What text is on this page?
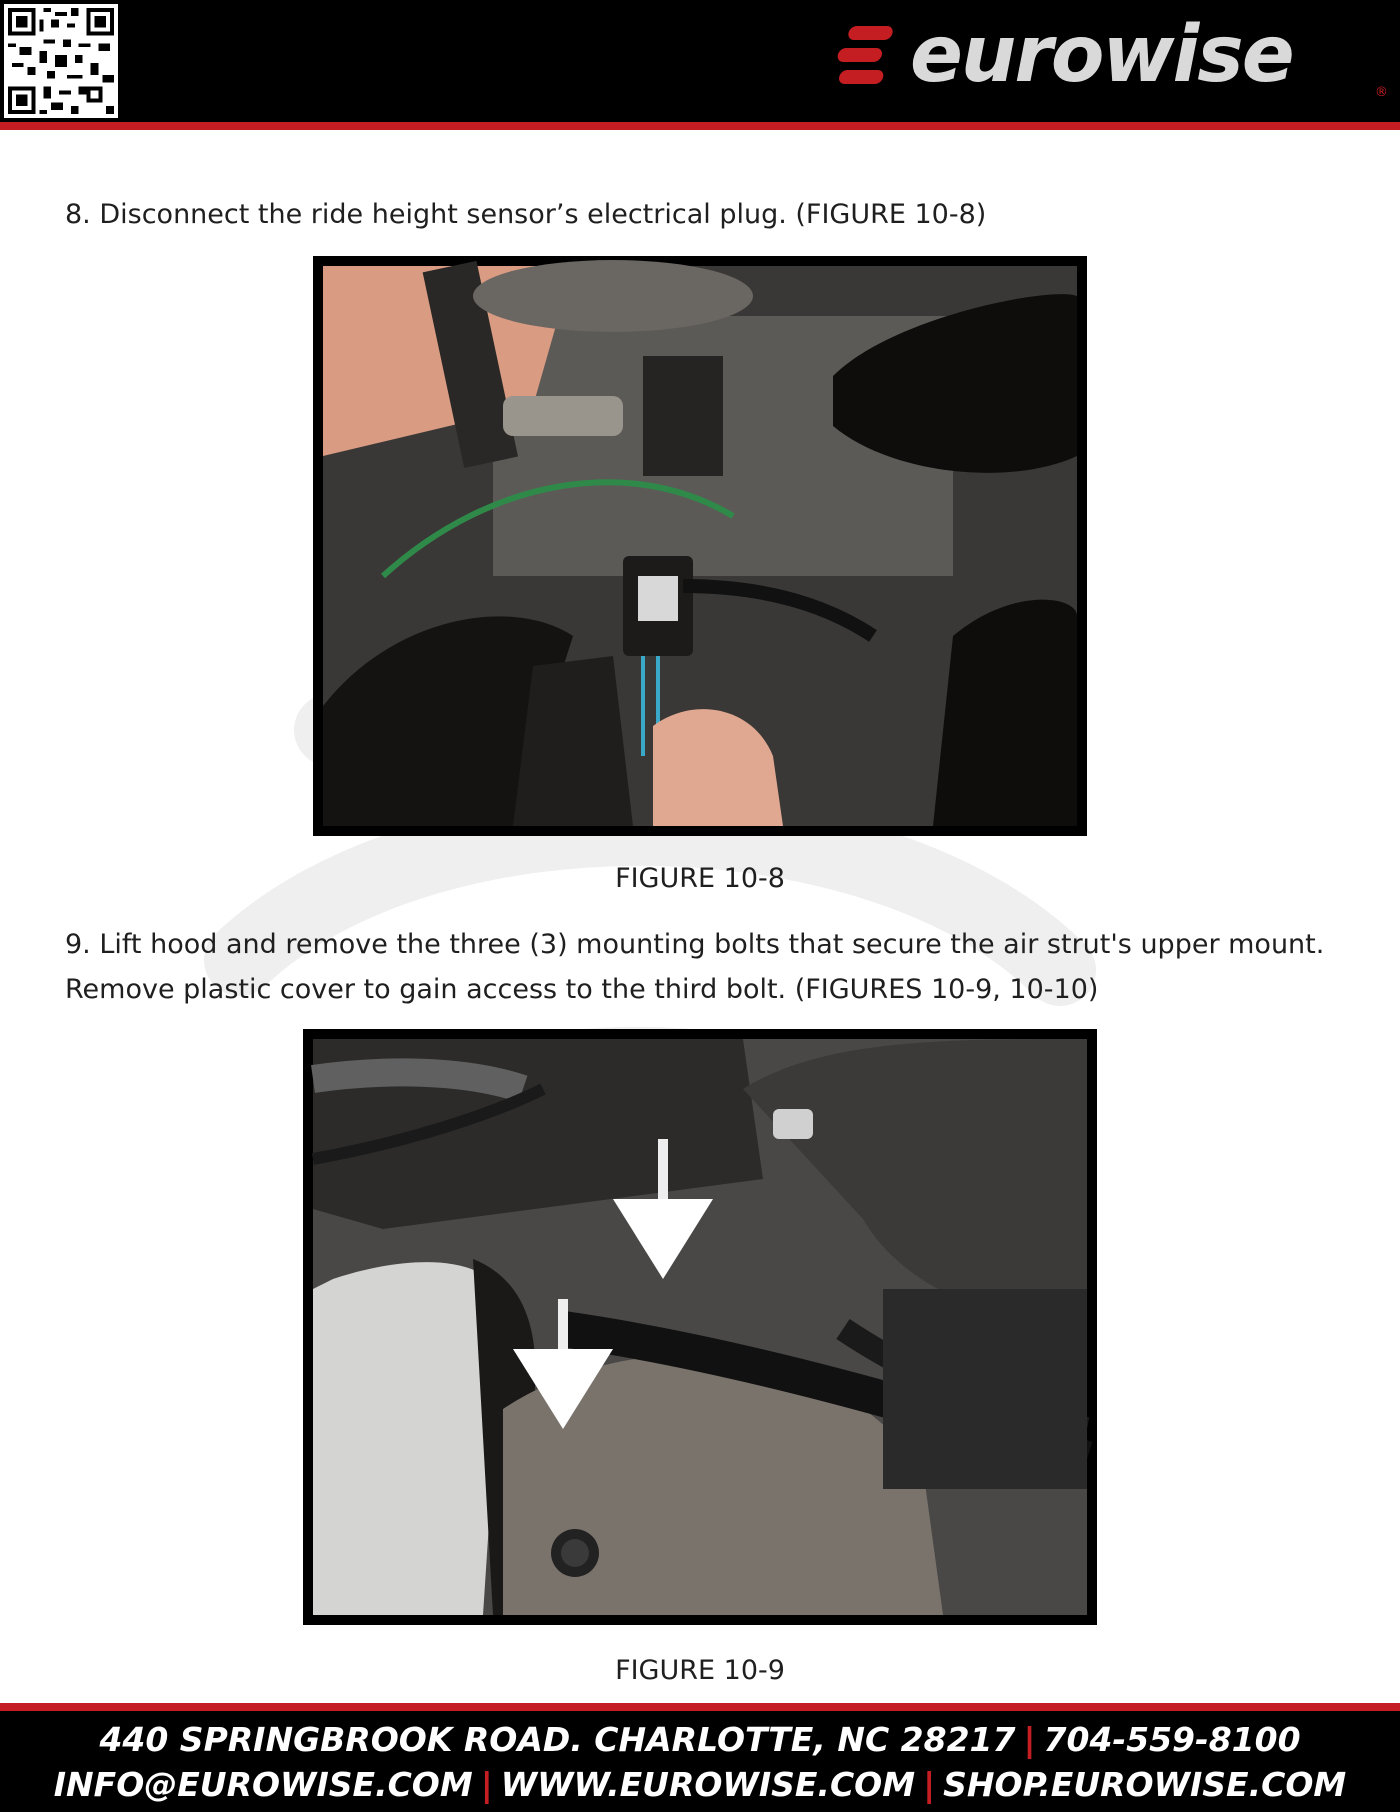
eurowise	®
8. Disconnect the ride height sensor’s electrical plug. (FIGURE 10-8)
FIGURE 10-8
9. Lift hood and remove the three (3) mounting bolts that secure the air strut's upper mount. Remove plastic cover to gain access to the third bolt. (FIGURES 10-9, 10-10)
FIGURE 10-9
440 SPRINGBROOK ROAD. CHARLOTTE, NC 28217 | 704-559-8100
INFO@EUROWISE.COM | WWW.EUROWISE.COM | SHOP.EUROWISE.COM
